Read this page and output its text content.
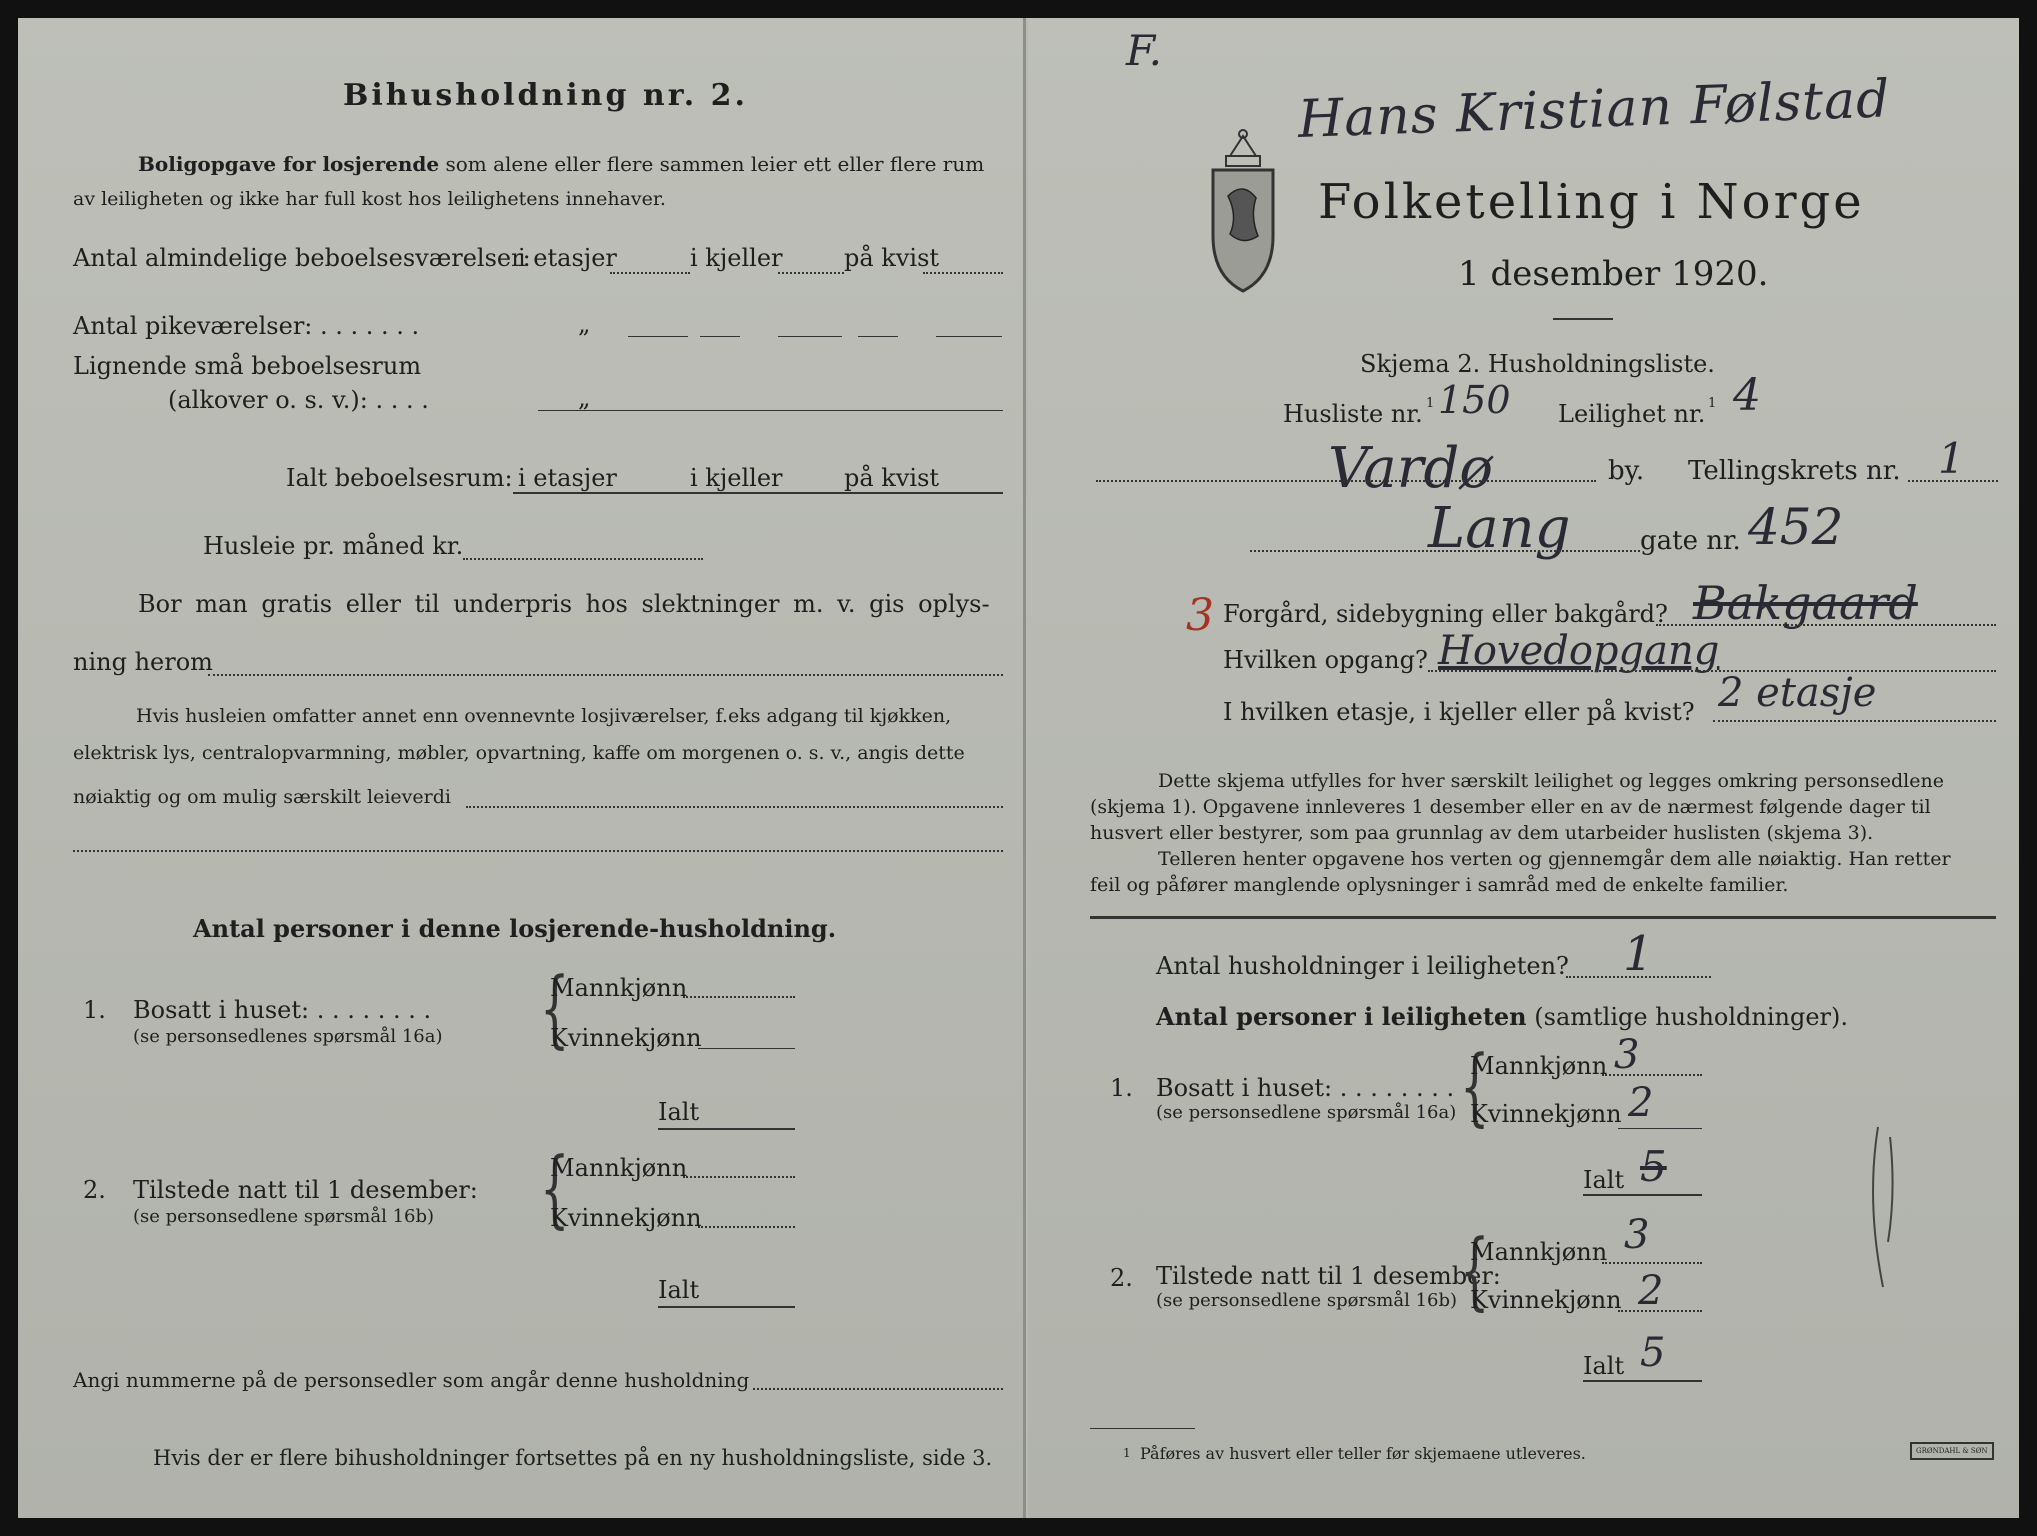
Bihusholdning nr. 2.
Boligopgave for losjerende som alene eller flere sammen leier ett eller flere rum
av leiligheten og ikke har full kost hos leilighetens innehaver.
Antal almindelige beboelsesværelser:
i etasjer	i kjeller	på kvist
Antal pikeværelser: . . . . . . .	„
Lignende små beboelsesrum
(alkover o. s. v.): . . . .	„
Ialt beboelsesrum: i etasjer	i kjeller	på kvist
Husleie pr. måned kr.
Bor man gratis eller til underpris hos slektninger m. v. gis oplys-
ning herom
Hvis husleien omfatter annet enn ovennevnte losjiværelser, f.eks adgang til kjøkken,
elektrisk lys, centralopvarmning, møbler, opvartning, kaffe om morgenen o. s. v., angis dette
nøiaktig og om mulig særskilt leieverdi
Antal personer i denne losjerende-husholdning.
1. Bosatt i huset: . . . . . . . .
(se personsedlenes spørsmål 16a) {
Mannkjønn
Kvinnekjønn
Ialt
2. Tilstede natt til 1 desember:
(se personsedlene spørsmål 16b) {
Mannkjønn
Kvinnekjønn
Ialt
Angi nummerne på de personsedler som angår denne husholdning
Hvis der er flere bihusholdninger fortsettes på en ny husholdningsliste, side 3.
F.
Hans Kristian Følstad
Folketelling i Norge
1 desember 1920.
Skjema 2. Husholdningsliste.
Husliste nr. 1 150 Leilighet nr. 1 4
Vardø	by. Tellingskrets nr. 1
Lang	gate nr. 452
3 Forgård, sidebygning eller bakgård? Bakgaard
Hvilken opgang? Hovedopgang
I hvilken etasje, i kjeller eller på kvist? 2 etasje
Dette skjema utfylles for hver særskilt leilighet og legges omkring personsedlene
(skjema 1). Opgavene innleveres 1 desember eller en av de nærmest følgende dager til
husvert eller bestyrer, som paa grunnlag av dem utarbeider huslisten (skjema 3).
Telleren henter opgavene hos verten og gjennemgår dem alle nøiaktig. Han retter
feil og påfører manglende oplysninger i samråd med de enkelte familier.
Antal husholdninger i leiligheten? 1
Antal personer i leiligheten (samtlige husholdninger).
1. Bosatt i huset: . . . . . . . .
(se personsedlene spørsmål 16a) {
Mannkjønn 3
Kvinnekjønn 2
Ialt 5
2. Tilstede natt til 1 desember:
(se personsedlene spørsmål 16b) {
Mannkjønn 3
Kvinnekjønn 2
Ialt 5
1 Påføres av husvert eller teller før skjemaene utleveres.	GRØNDAHL & SØN
